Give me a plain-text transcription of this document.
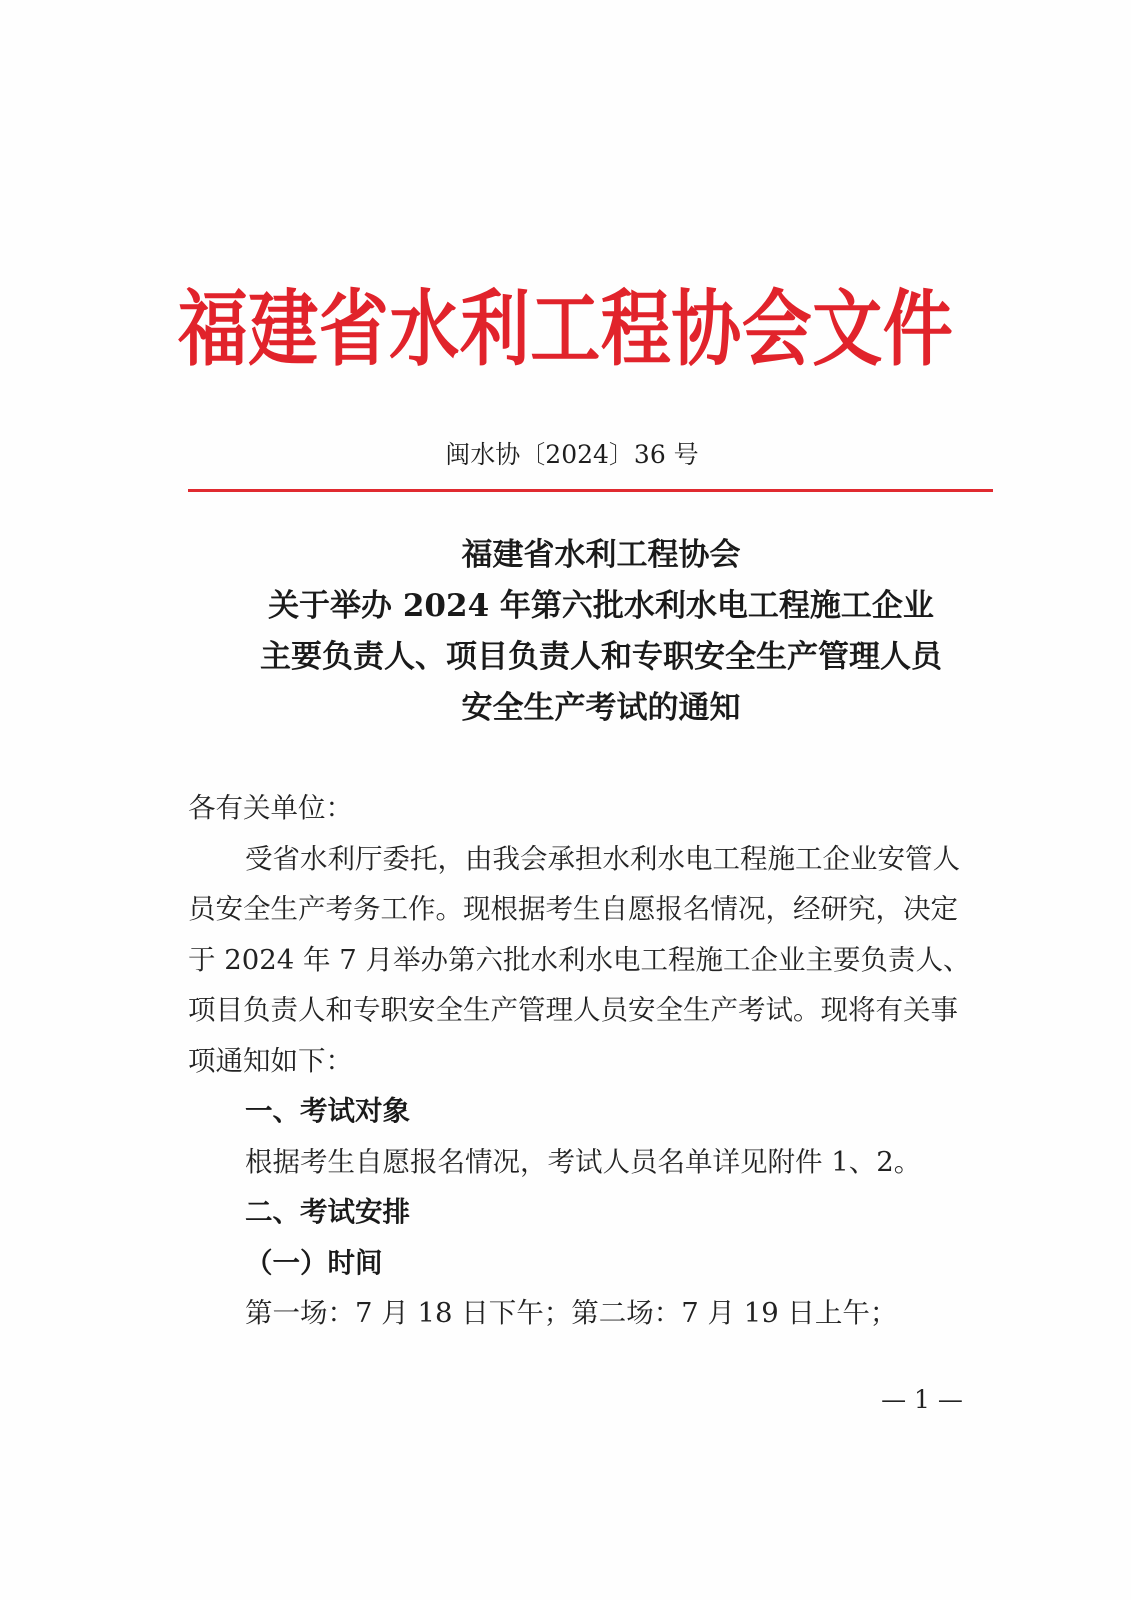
福建省水利工程协会文件
闽水协〔2024〕36 号
福建省水利工程协会
关于举办 2024 年第六批水利水电工程施工企业
主要负责人、项目负责人和专职安全生产管理人员
安全生产考试的通知
各有关单位：
受省水利厅委托，由我会承担水利水电工程施工企业安管人
员安全生产考务工作。现根据考生自愿报名情况，经研究，决定
于 2024 年 7 月举办第六批水利水电工程施工企业主要负责人、
项目负责人和专职安全生产管理人员安全生产考试。现将有关事
项通知如下：
一、考试对象
根据考生自愿报名情况，考试人员名单详见附件 1、2。
二、考试安排
（一）时间
第一场：7 月 18 日下午；第二场：7 月 19 日上午；
— 1 —
